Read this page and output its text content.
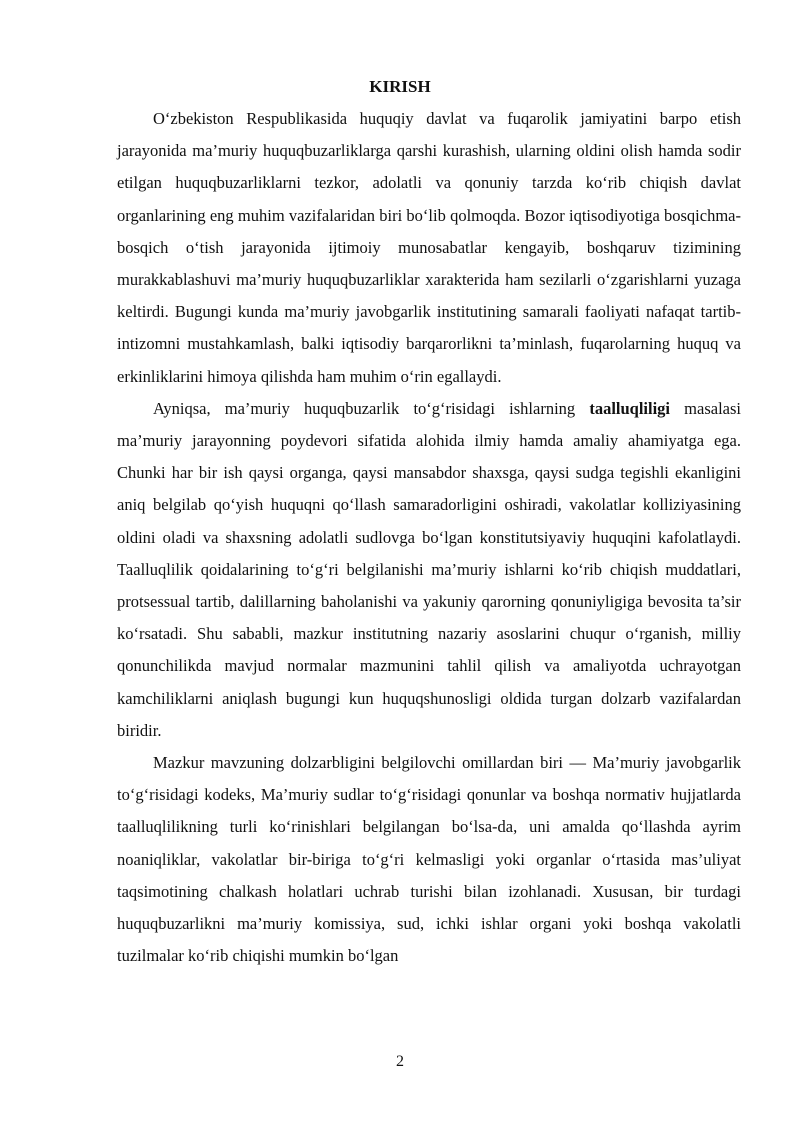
KIRISH

O‘zbekiston Respublikasida huquqiy davlat va fuqarolik jamiyatini barpo etish jarayonida ma’muriy huquqbuzarliklarga qarshi kurashish, ularning oldini olish hamda sodir etilgan huquqbuzarliklarni tezkor, adolatli va qonuniy tarzda ko‘rib chiqish davlat organlarining eng muhim vazifalaridan biri bo‘lib qolmoqda. Bozor iqtisodiyotiga bosqichma-bosqich o‘tish jarayonida ijtimoiy munosabatlar kengayib, boshqaruv tizimining murakkablashuvi ma’muriy huquqbuzarliklar xarakterida ham sezilarli o‘zgarishlarni yuzaga keltirdi. Bugungi kunda ma’muriy javobgarlik institutining samarali faoliyati nafaqat tartib-intizomni mustahkamlash, balki iqtisodiy barqarorlikni ta’minlash, fuqarolarning huquq va erkinliklarini himoya qilishda ham muhim o‘rin egallaydi.

Ayniqsa, ma’muriy huquqbuzarlik to‘g‘risidagi ishlarning taalluqliligi masalasi ma’muriy jarayonning poydevori sifatida alohida ilmiy hamda amaliy ahamiyatga ega. Chunki har bir ish qaysi organga, qaysi mansabdor shaxsga, qaysi sudga tegishli ekanligini aniq belgilab qo‘yish huquqni qo‘llash samaradorligini oshiradi, vakolatlar kolliziyasining oldini oladi va shaxsning adolatli sudlovga bo‘lgan konstitutsiyaviy huquqini kafolatlaydi. Taalluqlilik qoidalarining to‘g‘ri belgilanishi ma’muriy ishlarni ko‘rib chiqish muddatlari, protsessual tartib, dalillarning baholanishi va yakuniy qarorning qonuniyligiga bevosita ta’sir ko‘rsatadi. Shu sababli, mazkur institutning nazariy asoslarini chuqur o‘rganish, milliy qonunchilikda mavjud normalar mazmunini tahlil qilish va amaliyotda uchrayotgan kamchiliklarni aniqlash bugungi kun huquqshunosligi oldida turgan dolzarb vazifalardan biridir.

Mazkur mavzuning dolzarbligini belgilovchi omillardan biri — Ma’muriy javobgarlik to‘g‘risidagi kodeks, Ma’muriy sudlar to‘g‘risidagi qonunlar va boshqa normativ hujjatlarda taalluqlilikning turli ko‘rinishlari belgilangan bo‘lsa-da, uni amalda qo‘llashda ayrim noaniqliklar, vakolatlar bir-biriga to‘g‘ri kelmasligi yoki organlar o‘rtasida mas’uliyat taqsimotining chalkash holatlari uchrab turishi bilan izohlanadi. Xususan, bir turdagi huquqbuzarlikni ma’muriy komissiya, sud, ichki ishlar organi yoki boshqa vakolatli tuzilmalar ko‘rib chiqishi mumkin bo‘lgan

2
